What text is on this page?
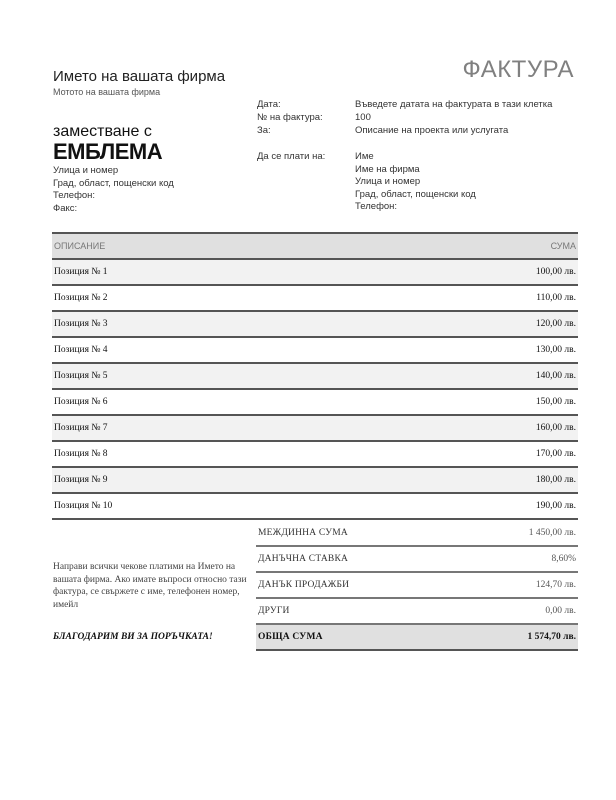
Името на вашата фирма
Мотото на вашата фирма
ФАКТУРА
заместване с
ЕМБЛЕМА
Улица и номер
Град, област, пощенски код
Телефон:
Факс:
Дата:	Въведете датата на фактурата в тази клетка
№ на фактура:	100
За:	Описание на проекта или услугата
Да се плати на:	Име
Име на фирма
Улица и номер
Град, област, пощенски код
Телефон:
ОПИСАНИЕ	СУМА
Позиция № 1	100,00 лв.
Позиция № 2	110,00 лв.
Позиция № 3	120,00 лв.
Позиция № 4	130,00 лв.
Позиция № 5	140,00 лв.
Позиция № 6	150,00 лв.
Позиция № 7	160,00 лв.
Позиция № 8	170,00 лв.
Позиция № 9	180,00 лв.
Позиция № 10	190,00 лв.
МЕЖДИННА СУМА	1 450,00 лв.
ДАНЪЧНА СТАВКА	8,60%
ДАНЪК ПРОДАЖБИ	124,70 лв.
ДРУГИ	0,00 лв.
ОБЩА СУМА	1 574,70 лв.
Направи всички чекове платими на Името на вашата фирма. Ако имате въпроси относно тази фактура, се свържете с име, телефонен номер, имейл
БЛАГОДАРИМ ВИ ЗА ПОРЪЧКАТА!
